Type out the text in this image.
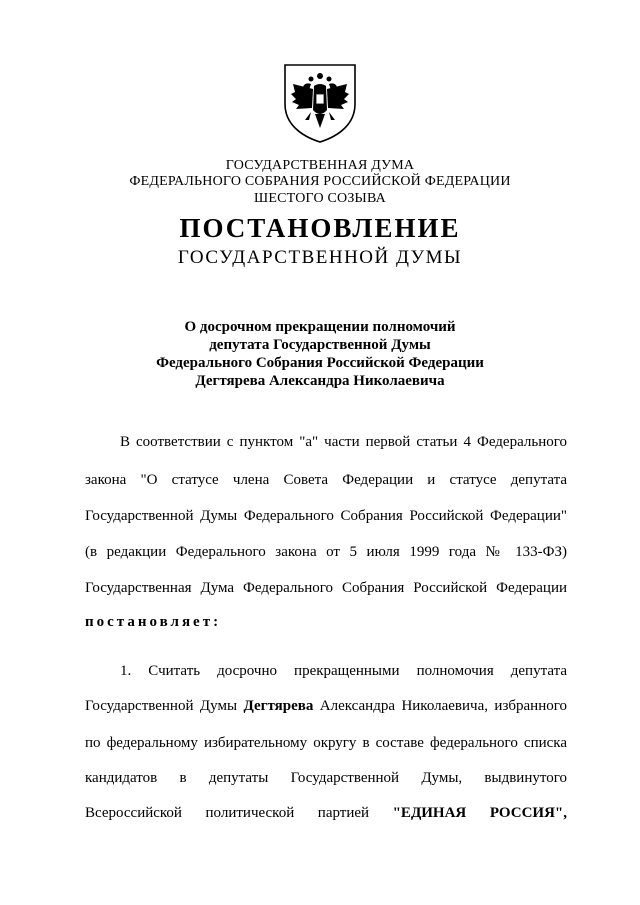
ГОСУДАРСТВЕННАЯ ДУМА
ФЕДЕРАЛЬНОГО СОБРАНИЯ РОССИЙСКОЙ ФЕДЕРАЦИИ
ШЕСТОГО СОЗЫВА
ПОСТАНОВЛЕНИЕ
ГОСУДАРСТВЕННОЙ ДУМЫ
О досрочном прекращении полномочий
депутата Государственной Думы
Федерального Собрания Российской Федерации
Дегтярева Александра Николаевича
В соответствии с пунктом "а" части первой статьи 4 Федерального
закона "О статусе члена Совета Федерации и статусе депутата
Государственной Думы Федерального Собрания Российской Федерации"
(в редакции Федерального закона от 5 июля 1999 года № 133-ФЗ)
Государственная Дума Федерального Собрания Российской Федерации
постановляет:
1. Считать досрочно прекращенными полномочия депутата
Государственной Думы Дегтярева Александра Николаевича, избранного
по федеральному избирательному округу в составе федерального списка
кандидатов в депутаты Государственной Думы, выдвинутого
Всероссийской политической партией "ЕДИНАЯ РОССИЯ",
